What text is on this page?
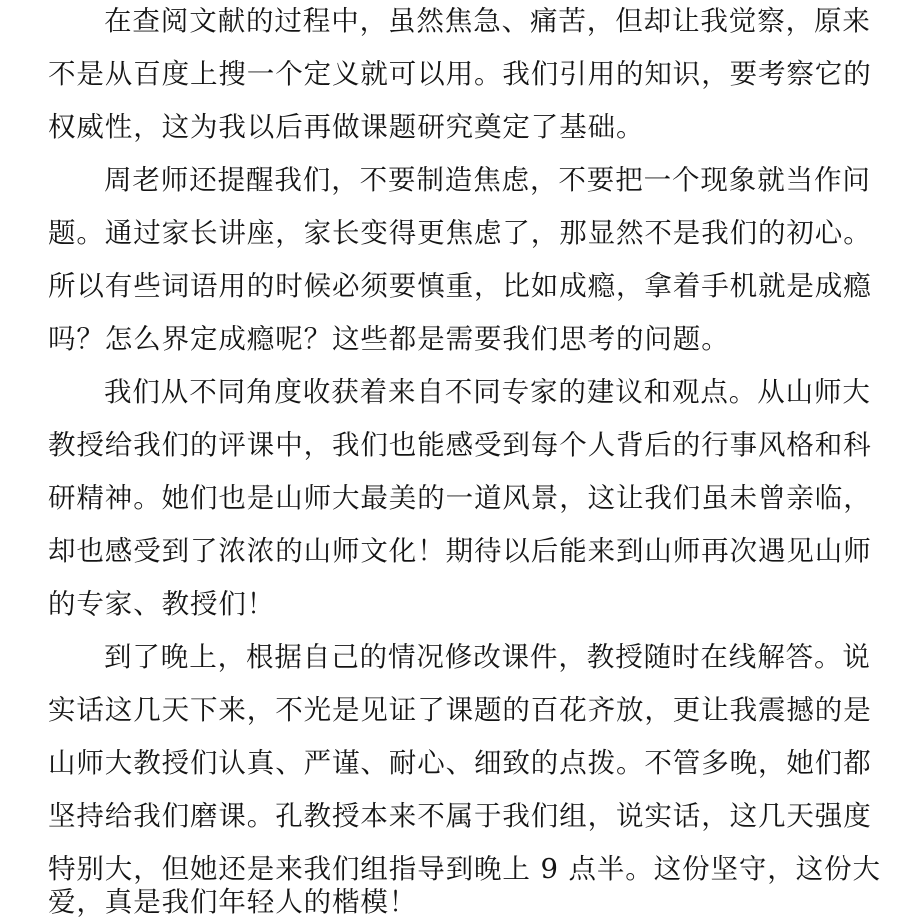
在查阅文献的过程中，虽然焦急、痛苦，但却让我觉察，原来
不是从百度上搜一个定义就可以用。我们引用的知识，要考察它的
权威性，这为我以后再做课题研究奠定了基础。
周老师还提醒我们，不要制造焦虑，不要把一个现象就当作问
题。通过家长讲座，家长变得更焦虑了，那显然不是我们的初心。
所以有些词语用的时候必须要慎重，比如成瘾，拿着手机就是成瘾
吗？怎么界定成瘾呢？这些都是需要我们思考的问题。
我们从不同角度收获着来自不同专家的建议和观点。从山师大
教授给我们的评课中，我们也能感受到每个人背后的行事风格和科
研精神。她们也是山师大最美的一道风景，这让我们虽未曾亲临，
却也感受到了浓浓的山师文化！期待以后能来到山师再次遇见山师
的专家、教授们！
到了晚上，根据自己的情况修改课件，教授随时在线解答。说
实话这几天下来，不光是见证了课题的百花齐放，更让我震撼的是
山师大教授们认真、严谨、耐心、细致的点拨。不管多晚，她们都
坚持给我们磨课。孔教授本来不属于我们组，说实话，这几天强度
特别大，但她还是来我们组指导到晚上 9 点半。这份坚守，这份大
爱，真是我们年轻人的楷模！
